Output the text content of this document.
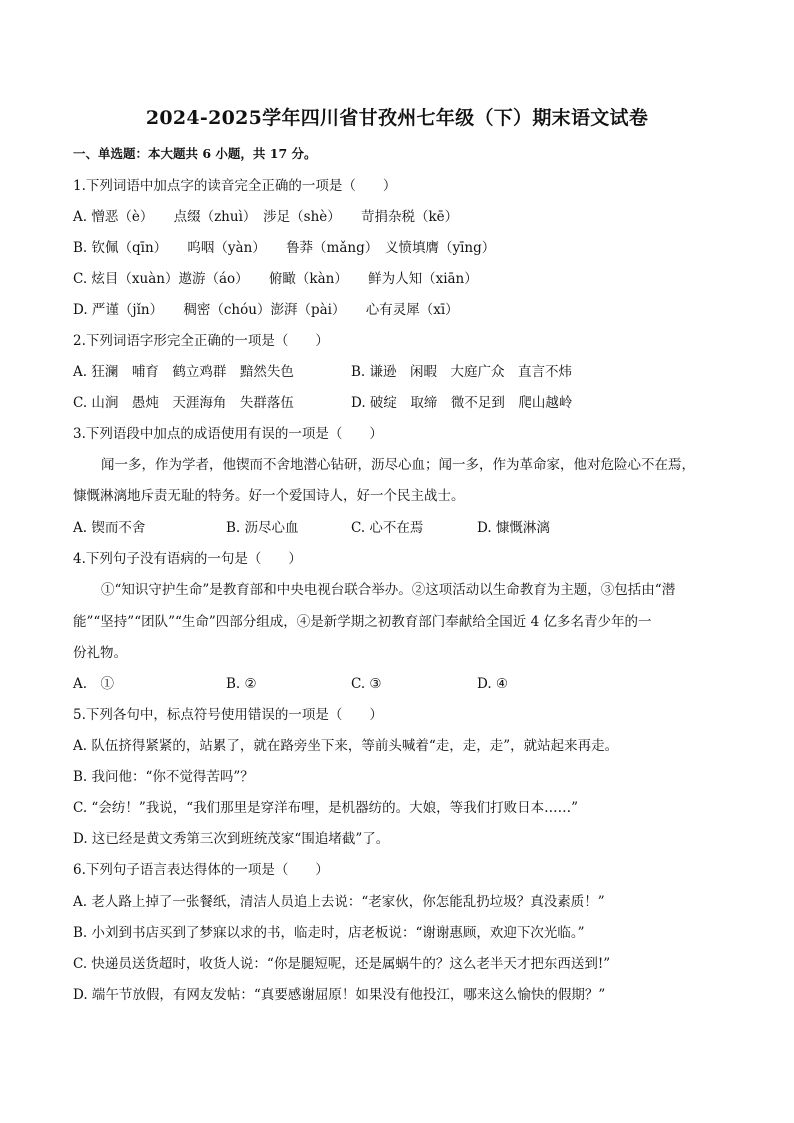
2024-2025学年四川省甘孜州七年级（下）期末语文试卷
一、单选题：本大题共 6 小题，共 17 分。
1.下列词语中加点字的读音完全正确的一项是（　　）
A. 憎恶（è）　　点缀（zhuì）　涉足（shè）　　苛捐杂税（kē）
B. 钦佩（qīn）　　呜咽（yàn）　　鲁莽（mǎng）　义愤填膺（yīng）
C. 炫目（xuàn）遨游（áo）　　俯瞰（kàn）　　鲜为人知（xiān）
D. 严谨（jǐn）　　稠密（chóu）澎湃（pài）　　心有灵犀（xī）
2.下列词语字形完全正确的一项是（　　）
A. 狂澜　哺育　鹤立鸡群　黯然失色	B. 谦逊　闲暇　大庭广众　直言不炜
C. 山涧　愚炖　天涯海角　失群落伍	D. 破绽　取缔　微不足到　爬山越岭
3.下列语段中加点的成语使用有误的一项是（　　）
闻一多，作为学者，他锲而不舍地潜心钻研，沥尽心血；闻一多，作为革命家，他对危险心不在焉，
慷慨淋漓地斥责无耻的特务。好一个爱国诗人，好一个民主战士。
A. 锲而不舍	B. 沥尽心血	C. 心不在焉	D. 慷慨淋漓
4.下列句子没有语病的一句是（　　）
①“知识守护生命”是教育部和中央电视台联合举办。②这项活动以生命教育为主题，③包括由“潜
能”“坚持”“团队”“生命”四部分组成，④是新学期之初教育部门奉献给全国近 4 亿多名青少年的一
份礼物。
A.　①	B. ②	C. ③	D. ④
5.下列各句中，标点符号使用错误的一项是（　　）
A. 队伍挤得紧紧的，站累了，就在路旁坐下来，等前头喊着“走，走，走”，就站起来再走。
B. 我问他：“你不觉得苦吗”？
C. “会纺！”我说，“我们那里是穿洋布哩，是机器纺的。大娘，等我们打败日本……”
D. 这已经是黄文秀第三次到班统茂家“围追堵截”了。
6.下列句子语言表达得体的一项是（　　）
A. 老人路上掉了一张餐纸，清洁人员追上去说：“老家伙，你怎能乱扔垃圾？真没素质！”
B. 小刘到书店买到了梦寐以求的书，临走时，店老板说：“谢谢惠顾，欢迎下次光临。”
C. 快递员送货超时，收货人说：“你是腿短呢，还是属蜗牛的？这么老半天才把东西送到!”
D. 端午节放假，有网友发帖：“真要感谢屈原！如果没有他投江，哪来这么愉快的假期？”
